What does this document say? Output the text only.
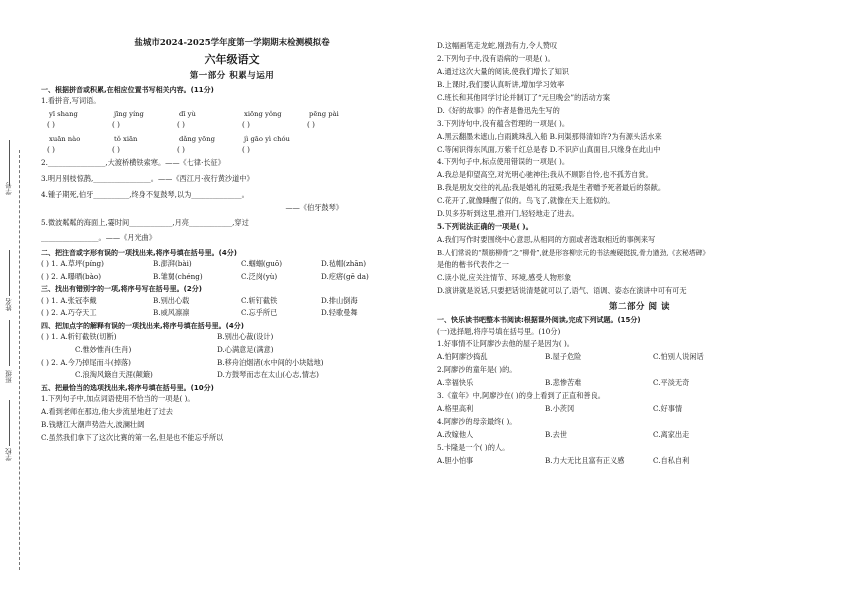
学号
姓名
班级
学校
盐城市2024-2025学年度第一学期期末检测模拟卷
六年级语文
第一部分 积累与运用
一、根据拼音或积累,在相应位置书写相关内容。(11分)
1.看拼音,写词语。
yī shang	jīng yíng	dī yù	xiōng yǒng	pēng pài
( )	( )	( )	( )	( )
xuān nào	tǒ xiān	dǎng yōng	jì gāo yì chóu
( )	( )	( )	( )
2.________________,大渡桥横铁索寒。——《七律·长征》
3.明月别枝惊鹊,________________。——《西江月·夜行黄沙道中》
4.锺子期死,伯牙__________,终身不复鼓琴,以为______________。
——《伯牙鼓琴》
5.微波粼粼的海面上,霎时间____________,月亮____________,穿过
________________。——《月光曲》
二、把注音或字形有误的一项找出来,将序号填在括号里。(4分)
( ) 1. A.草坪(píng)	B.澎湃(bài)	C.蝈蝈(guō)	D.毡帽(zhān)
( ) 2. A.曝晒(bào)	B.雏舅(chéng)	C.泛岗(yù)	D.疙瘩(gē da)
三、找出有错别字的一项,将序号写在括号里。(2分)
( ) 1. A.张冠李戴	B.别出心载	C.斩钉截铁	D.排山倒海
( ) 2. A.巧夺天工	B.威风凛凛	C.忘乎所已	D.轻歌曼舞
四、把加点字的解释有误的一项找出来,将序号填在括号里。(4分)
( ) 1. A.斩钉截铁(切断)	B.别出心裁(设计)
C.惟妙惟肖(生肖)	D.心满意足(满意)
( ) 2. A.今乃掉尾而斗(掉落)	B.移舟泊烟渚(水中间的小块陆地)
C.浪淘风簸自天涯(颠簸)	D.方鼓琴而志在太山(心志,情志)
五、把最恰当的选项找出来,将序号填在括号里。(10分)
1.下列句子中,加点词语使用不恰当的一项是( )。
A.看到老师在那边,他大步流星地赶了过去
B.钱塘江大潮声势浩大,波澜壮阔
C.虽然我们拿下了这次比赛的第一名,但是也不能忘乎所以
D.这幅画笔走龙蛇,刚劲有力,令人赞叹
2.下列句子中,没有语病的一项是( )。
A.通过这次大量的阅读,使我们增长了知识
B.上课时,我们要认真听讲,增加学习效率
C.班长和其他同学讨论并制订了“元旦晚会”的活动方案
D.《好的故事》的作者是鲁迅先生写的
3.下列诗句中,没有蕴含哲理的一项是( )。
A.黑云翻墨未遮山,白雨跳珠乱入船 B.问渠那得清如许?为有源头活水来
C.等闲识得东风面,万紫千红总是春 D.不识庐山真面目,只缘身在此山中
4.下列句子中,标点使用错误的一项是( )。
A.我总是仰望高空,对光明心驰神往;我从不顾影自怜,也不孤芳自赏。
B.我是朋友交往的礼品;我是婚礼的冠冕;我是生者赠予死者最后的祭献。
C.花开了,就像睡醒了似的。鸟飞了,就像在天上逛似的。
D.贝多芬听到这里,推开门,轻轻地走了进去。
5.下列说法正确的一项是( )。
A.我们写作时要围绕中心意思,从相同的方面或者选取相近的事例来写
B.人们常说的“颓筋柳骨”之“柳骨”,就是形容柳宗元的书法瘦硬挺拔,骨力遒劲,《玄秘塔碑》
是他的楷书代表作之一
C.读小说,应关注情节、环境,感受人物形象
D.演讲就是说话,只要把话说清楚就可以了,语气、语调、姿态在演讲中可有可无
第二部分 阅 读
一、快乐读书吧整本书阅读:根据课外阅读,完成下列试题。(15分)
(一)选择题,将序号填在括号里。(10分)
1.好事情不让阿廖沙去他的屋子是因为( )。
A.怕阿廖沙捣乱	B.屋子危险	C.怕别人说闲话
2.阿廖沙的童年是( )的。
A.幸福快乐	B.悲惨苦难	C.平淡无奇
3.《童年》中,阿廖沙在( )的身上看到了正直和善良。
A.格里高利	B.小茨冈	C.好事情
4.阿廖沙的母亲最终( )。
A.改嫁他人	B.去世	C.离家出走
5.卡隆是一个( )的人。
A.胆小怕事	B.力大无比且富有正义感	C.自私自利
